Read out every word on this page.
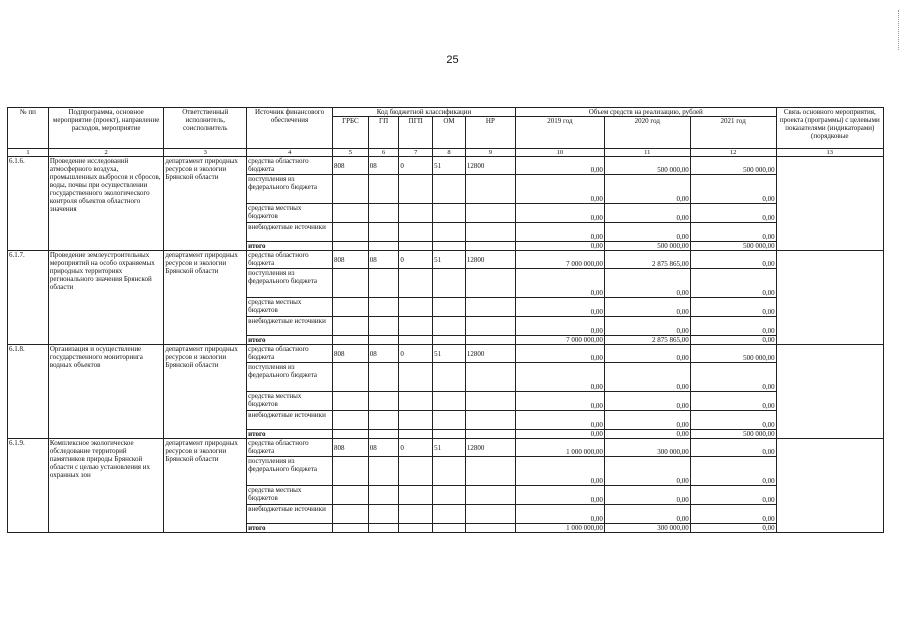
25
№ пп	Подпрограмма, основное мероприятие (проект), направление расходов, мероприятие	Ответственный исполнитель, соисполнитель	Источник финансового обеспечения	Код бюджетной классификации					Объем средств на реализацию, рублей			Связь основного мероприятия, проекта (программы) с целевыми показателями (индикаторами) (порядковые
				ГРБС	ГП	ПГП	ОМ	НР	2019 год	2020 год	2021 год	
1	2	3	4	5	6	7	8	9	10	11	12	13
6.1.6.	Проведение исследований атмосферного воздуха, промышленных выбросов и сбросов, воды, почвы при осуществлении государственного экологического контроля объектов областного значения	департамент природных ресурсов и экологии Брянской области	средства областного бюджета	808	08	0	51	12800	0,00	500 000,00	500 000,00	
			поступления из федерального бюджета						0,00	0,00	0,00	
			средства местных бюджетов						0,00	0,00	0,00	
			внебюджетные источники						0,00	0,00	0,00	
			итого						0,00	500 000,00	500 000,00	
6.1.7.	Проведение землеустроительных мероприятий на особо охраняемых природных территориях регионального значения Брянской области	департамент природных ресурсов и экологии Брянской области	средства областного бюджета	808	08	0	51	12800	7 000 000,00	2 875 865,00	0,00	
			поступления из федерального бюджета						0,00	0,00	0,00	
			средства местных бюджетов						0,00	0,00	0,00	
			внебюджетные источники						0,00	0,00	0,00	
			итого						7 000 000,00	2 875 865,00	0,00	
6.1.8.	Организация и осуществление государственного мониторинга водных объектов	департамент природных ресурсов и экологии Брянской области	средства областного бюджета	808	08	0	51	12800	0,00	0,00	500 000,00	
			поступления из федерального бюджета						0,00	0,00	0,00	
			средства местных бюджетов						0,00	0,00	0,00	
			внебюджетные источники						0,00	0,00	0,00	
			итого						0,00	0,00	500 000,00	
6.1.9.	Комплексное экологическое обследование территорий памятников природы Брянской области с целью установления их охранных зон	департамент природных ресурсов и экологии Брянской области	средства областного бюджета	808	08	0	51	12800	1 000 000,00	300 000,00	0,00	
			поступления из федерального бюджета						0,00	0,00	0,00	
			средства местных бюджетов						0,00	0,00	0,00	
			внебюджетные источники						0,00	0,00	0,00	
			итого						1 000 000,00	300 000,00	0,00	
